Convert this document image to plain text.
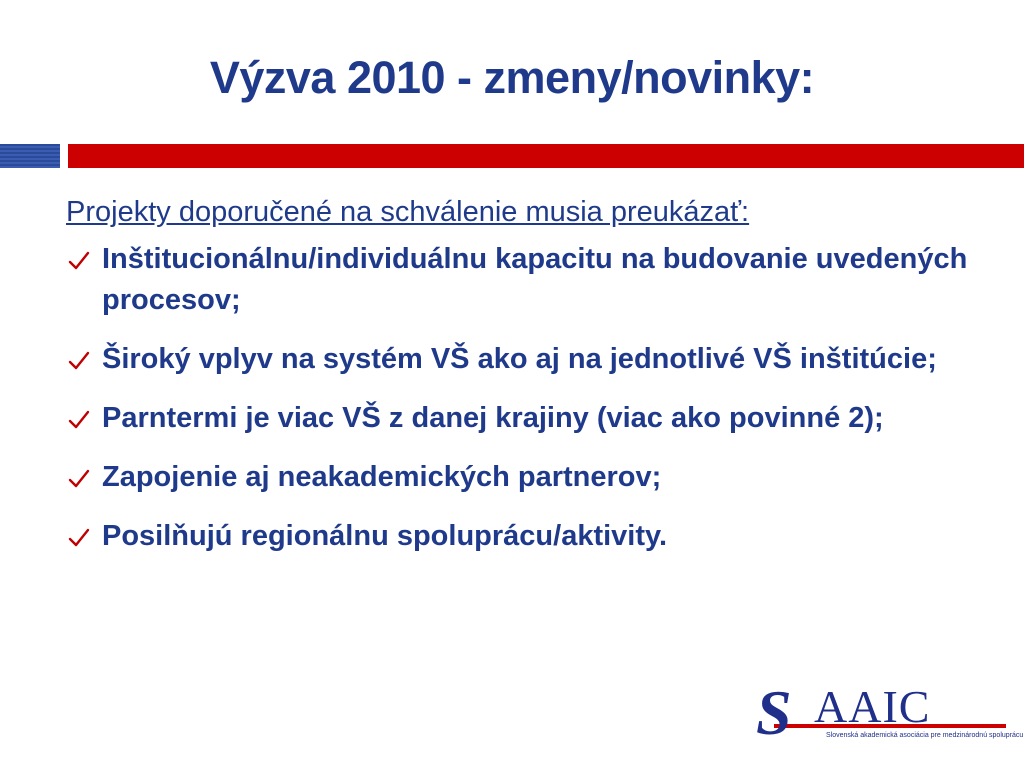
Výzva 2010 - zmeny/novinky:
Projekty doporučené na schválenie musia preukázať:
Inštitucionálnu/individuálnu kapacitu na budovanie uvedených procesov;
Široký vplyv na systém VŠ ako aj na jednotlivé VŠ inštitúcie;
Parntermi je viac VŠ z danej krajiny (viac ako povinné 2);
Zapojenie aj neakademických partnerov;
Posilňujú regionálnu spoluprácu/aktivity.
S AAIC
Slovenská akademická asociácia pre medzinárodnú spoluprácu
